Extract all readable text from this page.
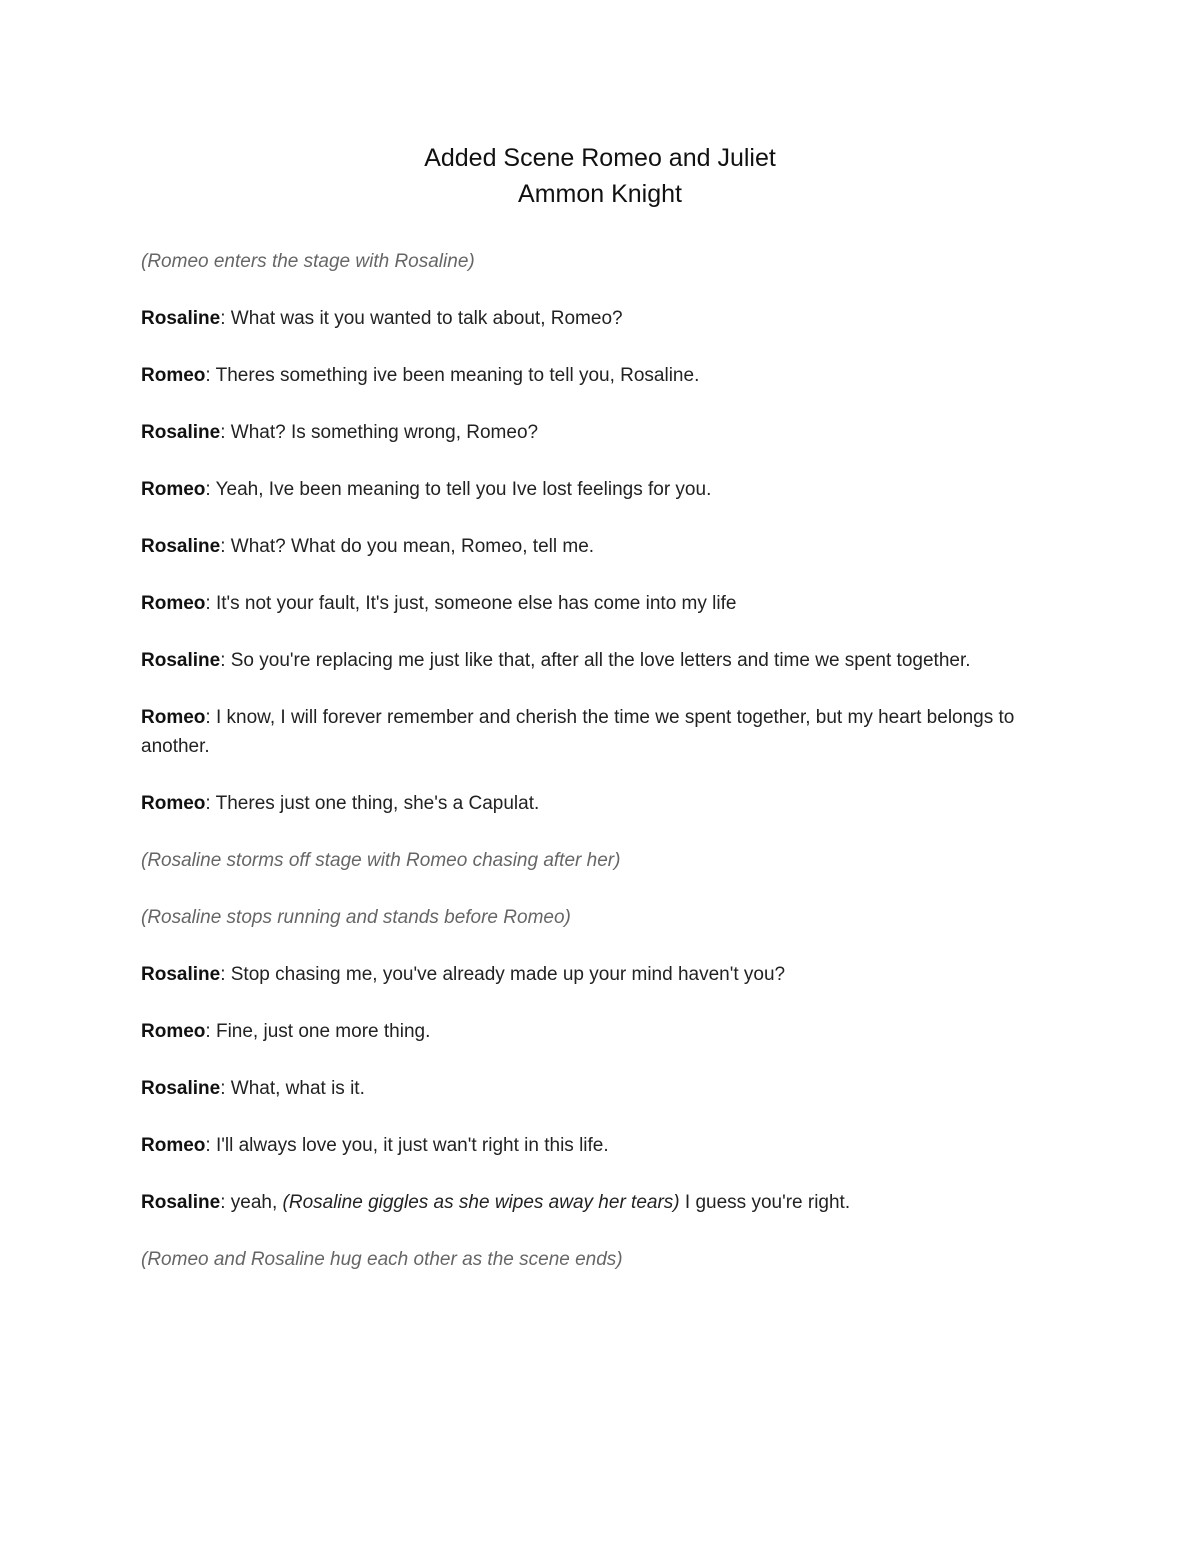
Added Scene Romeo and Juliet
Ammon Knight
(Romeo enters the stage with Rosaline)
Rosaline: What was it you wanted to talk about, Romeo?
Romeo: Theres something ive been meaning to tell you, Rosaline.
Rosaline: What? Is something wrong, Romeo?
Romeo: Yeah, Ive been meaning to tell you Ive lost feelings for you.
Rosaline: What? What do you mean, Romeo, tell me.
Romeo: It's not your fault, It's just, someone else has come into my life
Rosaline: So you're replacing me just like that, after all the love letters and time we spent together.
Romeo: I know, I will forever remember and cherish the time we spent together, but my heart belongs to another.
Romeo: Theres just one thing, she's a Capulat.
(Rosaline storms off stage with Romeo chasing after her)
(Rosaline stops running and stands before Romeo)
Rosaline: Stop chasing me, you've already made up your mind haven't you?
Romeo: Fine, just one more thing.
Rosaline: What, what is it.
Romeo: I'll always love you, it just wan't right in this life.
Rosaline: yeah, (Rosaline giggles as she wipes away her tears) I guess you're right.
(Romeo and Rosaline hug each other as the scene ends)
